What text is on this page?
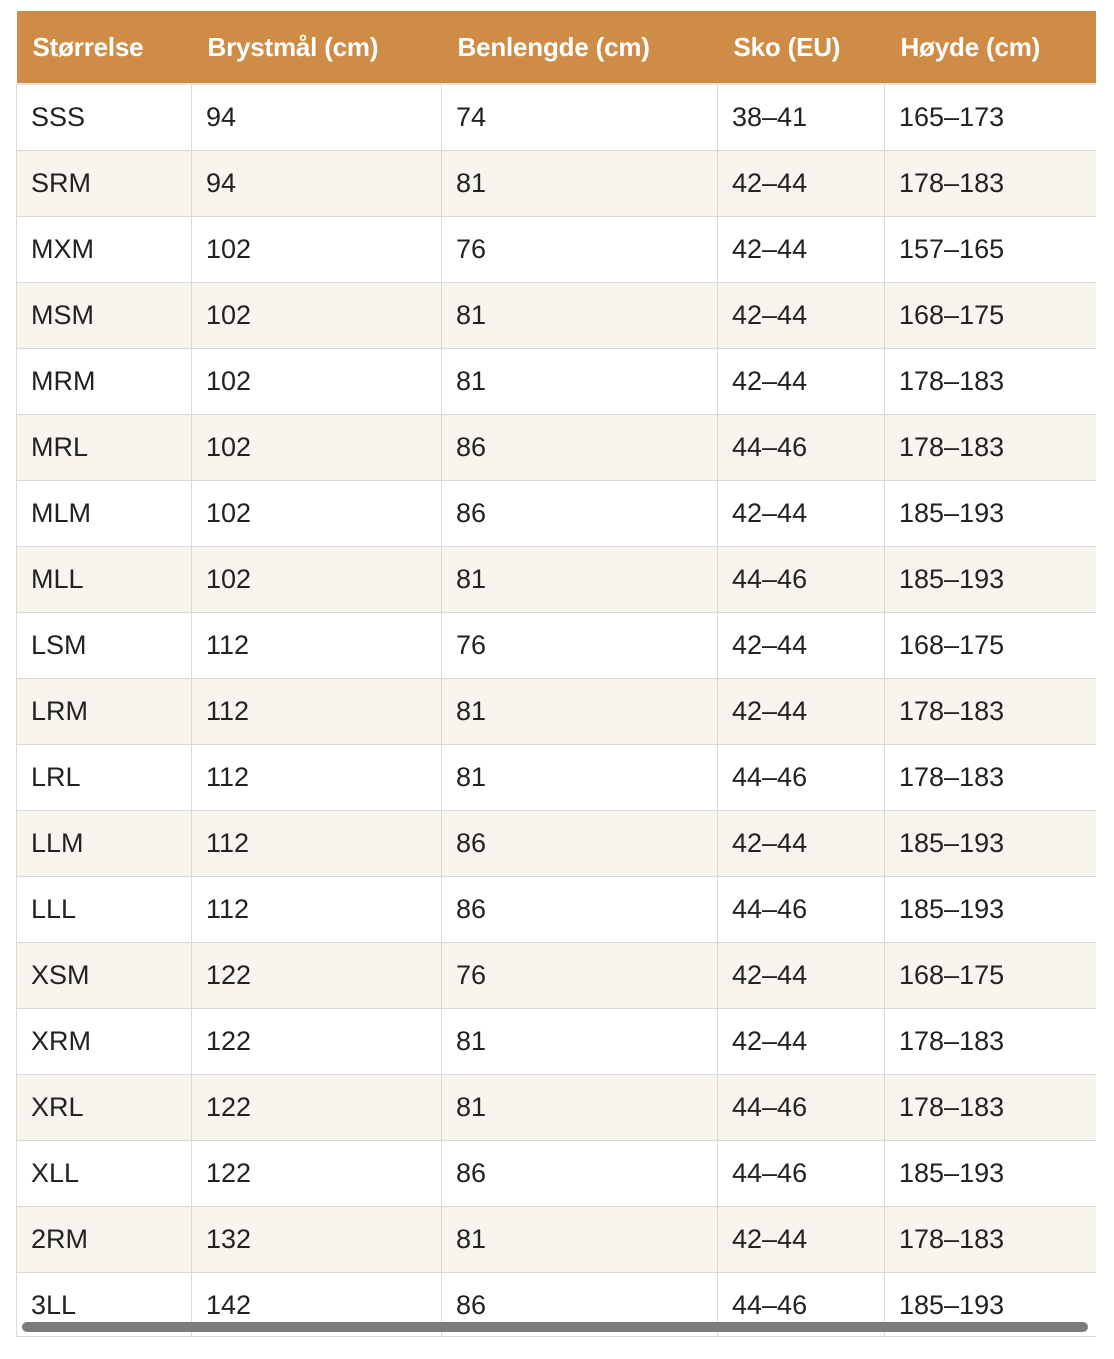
Størrelse	Brystmål (cm)	Benlengde (cm)	Sko (EU)	Høyde (cm)
SSS	94	74	38–41	165–173
SRM	94	81	42–44	178–183
MXM	102	76	42–44	157–165
MSM	102	81	42–44	168–175
MRM	102	81	42–44	178–183
MRL	102	86	44–46	178–183
MLM	102	86	42–44	185–193
MLL	102	81	44–46	185–193
LSM	112	76	42–44	168–175
LRM	112	81	42–44	178–183
LRL	112	81	44–46	178–183
LLM	112	86	42–44	185–193
LLL	112	86	44–46	185–193
XSM	122	76	42–44	168–175
XRM	122	81	42–44	178–183
XRL	122	81	44–46	178–183
XLL	122	86	44–46	185–193
2RM	132	81	42–44	178–183
3LL	142	86	44–46	185–193
